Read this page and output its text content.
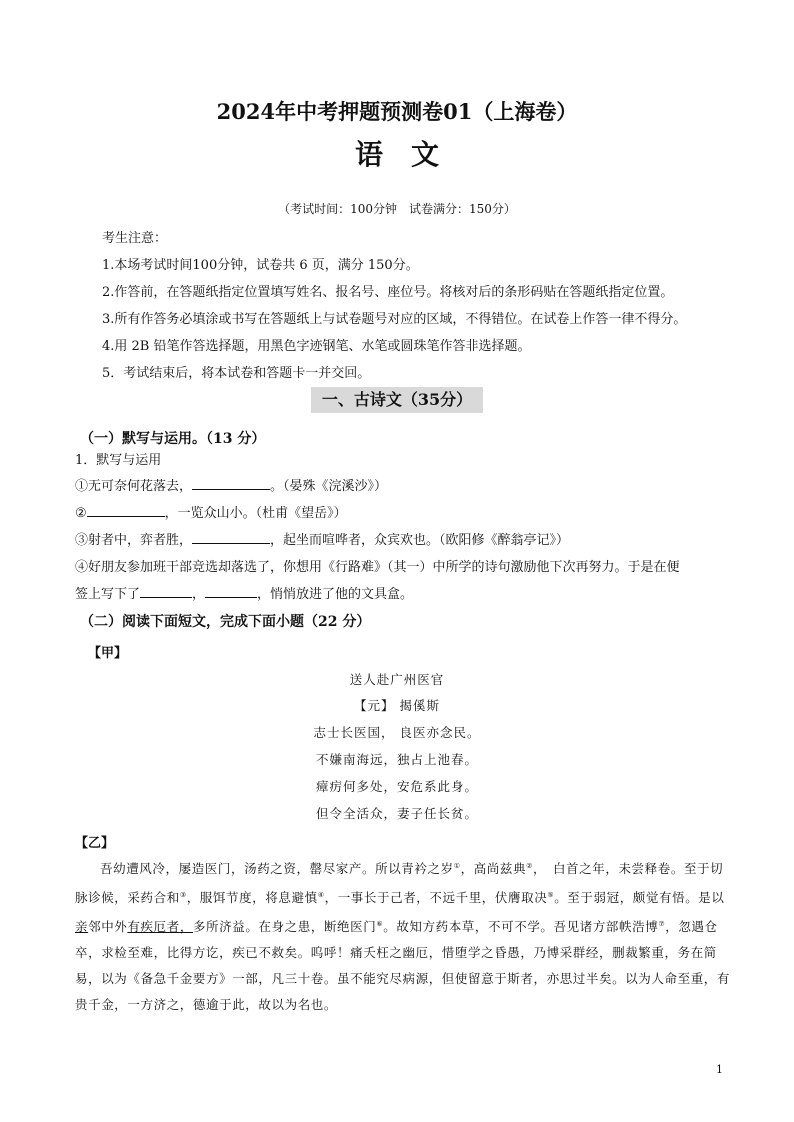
2024年中考押题预测卷01（上海卷）
语文
（考试时间：100分钟　试卷满分：150分）
考生注意：
1.本场考试时间100分钟，试卷共 6 页，满分 150分。
2.作答前，在答题纸指定位置填写姓名、报名号、座位号。将核对后的条形码贴在答题纸指定位置。
3.所有作答务必填涂或书写在答题纸上与试卷题号对应的区域，不得错位。在试卷上作答一律不得分。
4.用 2B 铅笔作答选择题，用黑色字迹钢笔、水笔或圆珠笔作答非选择题。
5．考试结束后，将本试卷和答题卡一并交回。
一、古诗文（35分）
（一）默写与运用。（13 分）
1．默写与运用
①无可奈何花落去，	。（晏殊《浣溪沙》）
②	，一览众山小。（杜甫《望岳》）
③射者中，弈者胜，	，起坐而喧哗者，众宾欢也。（欧阳修《醉翁亭记》）
④好朋友参加班干部竞选却落选了，你想用《行路难》（其一）中所学的诗句激励他下次再努力。于是在便
签上写下了	，	，悄悄放进了他的文具盒。
（二）阅读下面短文，完成下面小题（22 分）
【甲】
送人赴广州医官
【元】 揭傒斯
志士长医国， 良医亦念民。
不嫌南海远，独占上池春。
瘴疠何多处，安危系此身。
但令全活众，妻子任长贫。
【乙】

吾幼遭风冷，屡造医门，汤药之资，罄尽家产。所以青衿之岁①，高尚兹典②，　白首之年，未尝释卷。至于切脉诊候，采药合和③，服饵节度，将息避慎④，一事长于己者，不远千里，伏膺取决⑤。至于弱冠，颇觉有悟。是以亲邻中外有疾厄者，多所济益。在身之患，断绝医门⑥。故知方药本草，不可不学。吾见诸方部帙浩博⑦，忽遇仓卒，求检至难，比得方讫，疾已不救矣。呜呼！痛夭枉之幽厄，惜堕学之昏愚，乃博采群经，删裁繁重，务在简易，以为《备急千金要方》一部，凡三十卷。虽不能究尽病源，但使留意于斯者，亦思过半矣。以为人命至重，有贵千金，一方济之，德逾于此，故以为名也。

1
